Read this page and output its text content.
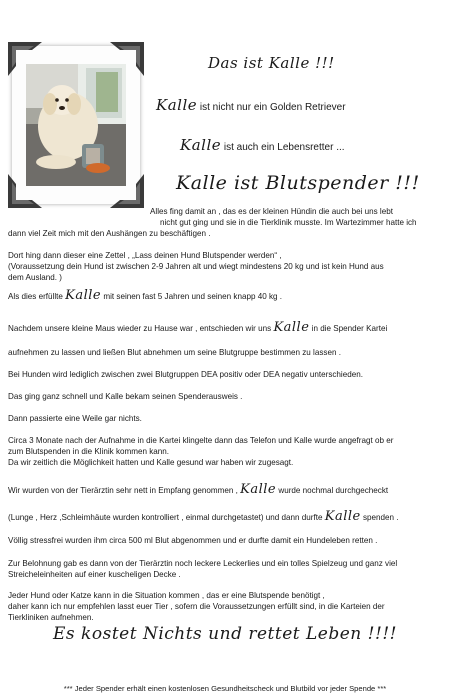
Das ist Kalle !!!
Kalle ist nicht nur ein Golden Retriever
Kalle ist auch ein Lebensretter ...
Kalle ist Blutspender !!!
Alles fing damit an , das es der kleinen Hündin die auch bei uns lebt
nicht gut ging und sie in die Tierklinik musste. Im Wartezimmer hatte ich
dann viel Zeit mich mit den Aushängen zu beschäftigen .
Dort hing dann dieser eine Zettel , „Lass deinen Hund Blutspender werden“ ,
(Voraussetzung dein Hund ist zwischen 2-9 Jahren alt und wiegt mindestens 20 kg und ist kein Hund aus
dem Ausland. )
Als dies erfüllte Kalle mit seinen fast 5 Jahren und seinen knapp 40 kg .
Nachdem unsere kleine Maus wieder zu Hause war , entschieden wir uns Kalle in die Spender Kartei
aufnehmen zu lassen und ließen Blut abnehmen um seine Blutgruppe bestimmen zu lassen .
Bei Hunden wird lediglich zwischen zwei Blutgruppen DEA positiv oder DEA negativ unterschieden.
Das ging ganz schnell und Kalle bekam seinen Spenderausweis .
Dann passierte eine Weile gar nichts.
Circa 3 Monate nach der Aufnahme in die Kartei klingelte dann das Telefon und Kalle wurde angefragt ob er
zum Blutspenden in die Klinik kommen kann.
Da wir zeitlich die Möglichkeit hatten und Kalle gesund war haben wir zugesagt.
Wir wurden von der Tierärztin sehr nett in Empfang genommen , Kalle wurde nochmal durchgecheckt
(Lunge , Herz ,Schleimhäute wurden kontrolliert , einmal durchgetastet) und dann durfte Kalle spenden .
Völlig stressfrei wurden ihm circa 500 ml Blut abgenommen und er durfte damit ein Hundeleben retten .
Zur Belohnung gab es dann von der Tierärztin noch leckere Leckerlies und ein tolles Spielzeug und ganz viel
Streicheleinheiten auf einer kuscheligen Decke .
Jeder Hund oder Katze kann in die Situation kommen , das er eine Blutspende benötigt ,
daher kann ich nur empfehlen lasst euer Tier , sofern die Voraussetzungen erfüllt sind, in die Karteien der
Tierkliniken aufnehmen.
Es kostet Nichts und rettet Leben !!!!
*** Jeder Spender erhält einen kostenlosen Gesundheitscheck und Blutbild vor jeder Spende ***
